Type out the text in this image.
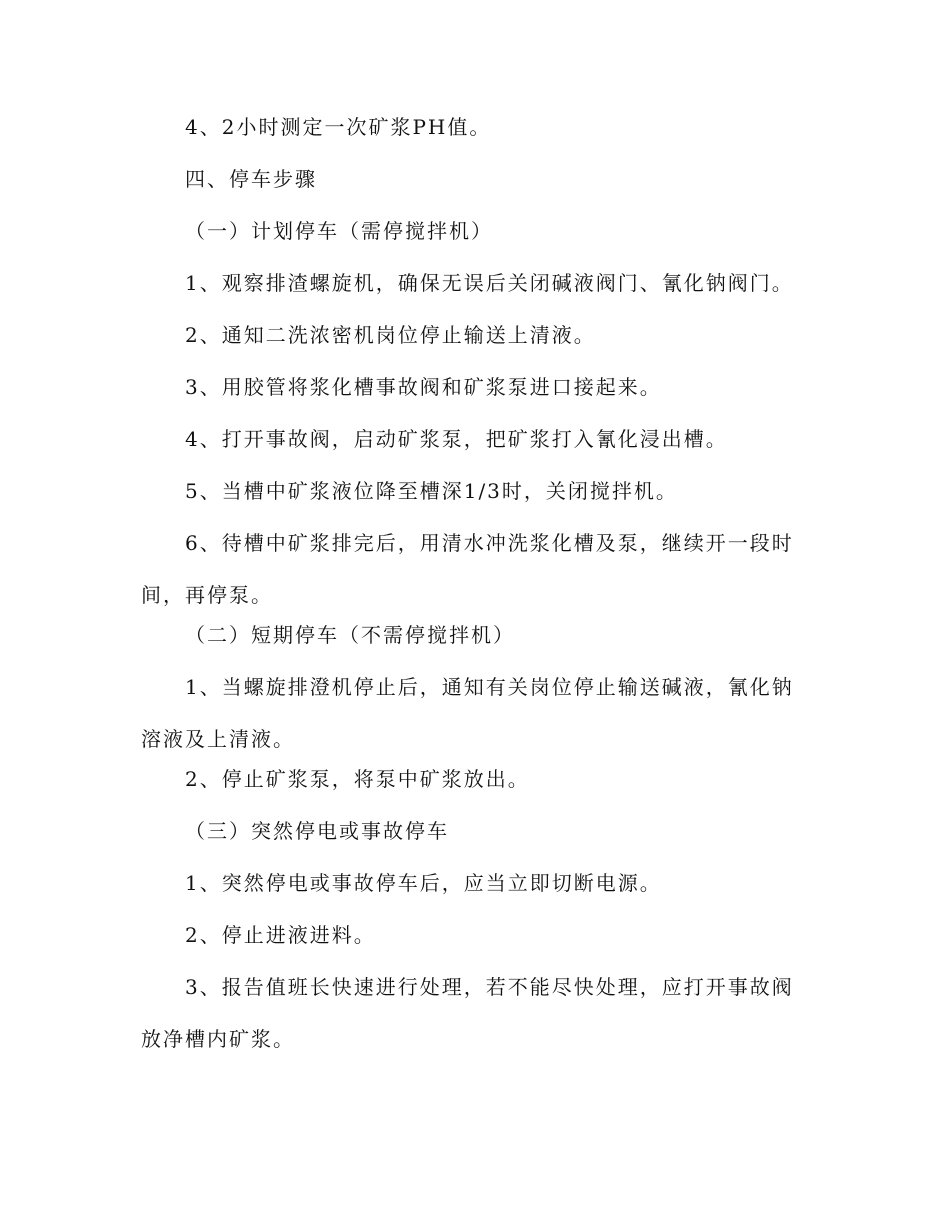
4、2小时测定一次矿浆PH值。

四、停车步骤

（一）计划停车（需停搅拌机）

1、观察排渣螺旋机，确保无误后关闭碱液阀门、氰化钠阀门。

2、通知二洗浓密机岗位停止输送上清液。

3、用胶管将浆化槽事故阀和矿浆泵进口接起来。

4、打开事故阀，启动矿浆泵，把矿浆打入氰化浸出槽。

5、当槽中矿浆液位降至槽深1/3时，关闭搅拌机。

6、待槽中矿浆排完后，用清水冲洗浆化槽及泵，继续开一段时间，再停泵。

（二）短期停车（不需停搅拌机）

1、当螺旋排澄机停止后，通知有关岗位停止输送碱液，氰化钠溶液及上清液。

2、停止矿浆泵，将泵中矿浆放出。

（三）突然停电或事故停车

1、突然停电或事故停车后，应当立即切断电源。

2、停止进液进料。

3、报告值班长快速进行处理，若不能尽快处理，应打开事故阀放净槽内矿浆。
